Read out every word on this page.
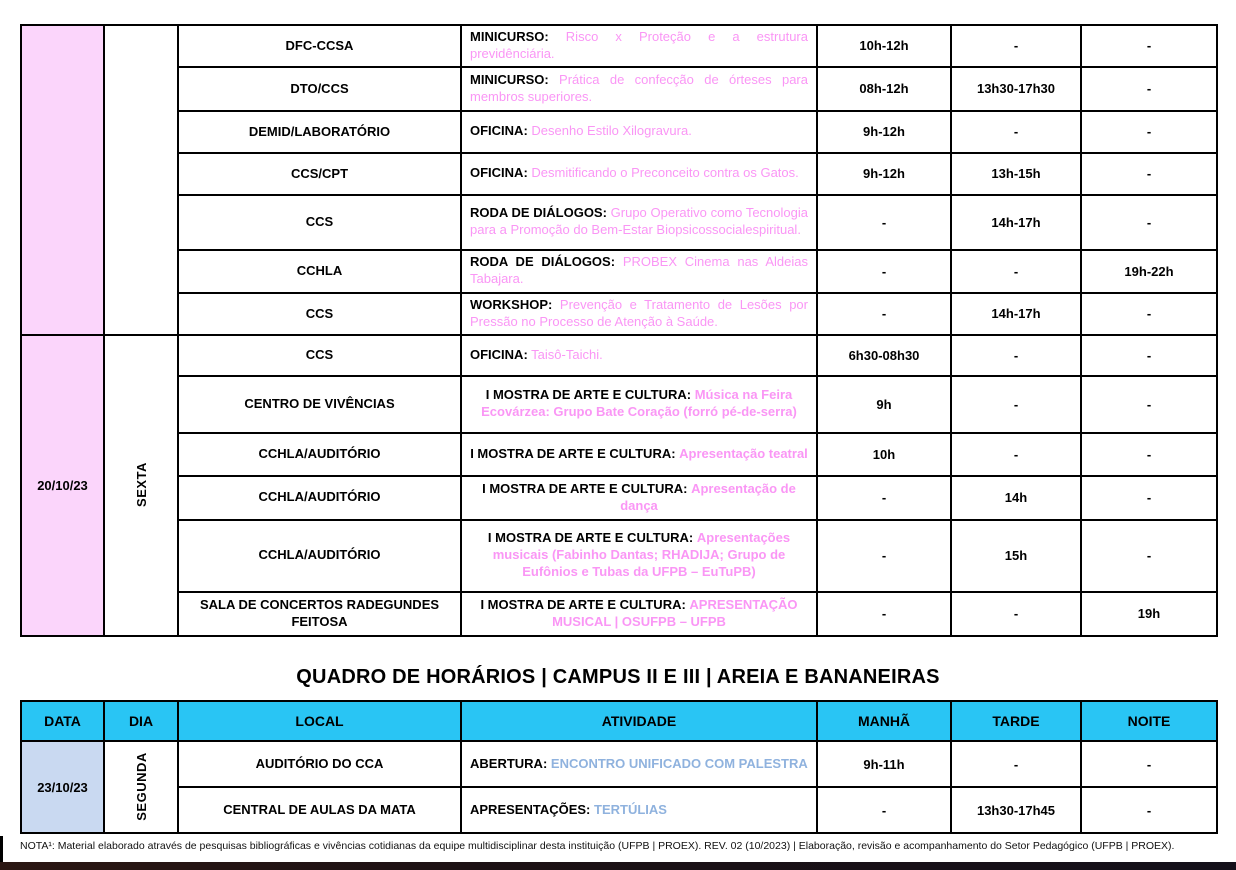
		DFC-CCSA	MINICURSO: Risco x Proteção e a estrutura previdênciária.	10h-12h	-	-
		DTO/CCS	MINICURSO: Prática de confecção de órteses para membros superiores.	08h-12h	13h30-17h30	-
		DEMID/LABORATÓRIO	OFICINA: Desenho Estilo Xilogravura.	9h-12h	-	-
		CCS/CPT	OFICINA: Desmitificando o Preconceito contra os Gatos.	9h-12h	13h-15h	-
		CCS	RODA DE DIÁLOGOS: Grupo Operativo como Tecnologia para a Promoção do Bem-Estar Biopsicossocialespiritual.	-	14h-17h	-
		CCHLA	RODA DE DIÁLOGOS: PROBEX Cinema nas Aldeias Tabajara.	-	-	19h-22h
		CCS	WORKSHOP: Prevenção e Tratamento de Lesões por Pressão no Processo de Atenção à Saúde.	-	14h-17h	-
20/10/23	SEXTA	CCS	OFICINA: Taisô-Taichi.	6h30-08h30	-	-
		CENTRO DE VIVÊNCIAS	I MOSTRA DE ARTE E CULTURA: Música na Feira Ecovárzea: Grupo Bate Coração (forró pé-de-serra)	9h	-	-
		CCHLA/AUDITÓRIO	I MOSTRA DE ARTE E CULTURA: Apresentação teatral	10h	-	-
		CCHLA/AUDITÓRIO	I MOSTRA DE ARTE E CULTURA: Apresentação de dança	-	14h	-
		CCHLA/AUDITÓRIO	I MOSTRA DE ARTE E CULTURA: Apresentações musicais (Fabinho Dantas; RHADIJA; Grupo de Eufônios e Tubas da UFPB – EuTuPB)	-	15h	-
		SALA DE CONCERTOS RADEGUNDES FEITOSA	I MOSTRA DE ARTE E CULTURA: APRESENTAÇÃO MUSICAL | OSUFPB – UFPB	-	-	19h
QUADRO DE HORÁRIOS | CAMPUS II E III | AREIA E BANANEIRAS
DATA	DIA	LOCAL	ATIVIDADE	MANHÃ	TARDE	NOITE
23/10/23	SEGUNDA	AUDITÓRIO DO CCA	ABERTURA: ENCONTRO UNIFICADO COM PALESTRA	9h-11h	-	-
		CENTRAL DE AULAS DA MATA	APRESENTAÇÕES: TERTÚLIAS	-	13h30-17h45	-
NOTA¹: Material elaborado através de pesquisas bibliográficas e vivências cotidianas da equipe multidisciplinar desta instituição (UFPB | PROEX). REV. 02 (10/2023) | Elaboração, revisão e acompanhamento do Setor Pedagógico (UFPB | PROEX).
